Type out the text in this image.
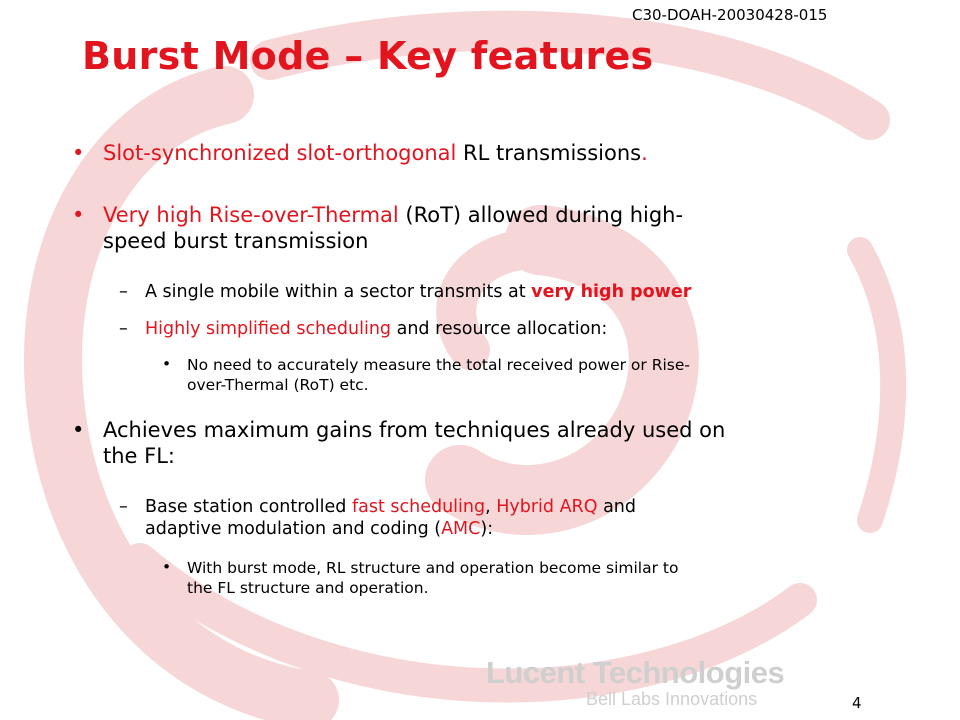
Lucent Technologies
Bell Labs Innovations
C30-DOAH-20030428-015
Burst Mode – Key features
• Slot-synchronized slot-orthogonal RL transmissions.
• Very high Rise-over-Thermal (RoT) allowed during high-
speed burst transmission
– A single mobile within a sector transmits at very high power
– Highly simplified scheduling and resource allocation:
• No need to accurately measure the total received power or Rise-
over-Thermal (RoT) etc.
• Achieves maximum gains from techniques already used on
the FL:
– Base station controlled fast scheduling, Hybrid ARQ and
adaptive modulation and coding (AMC):
• With burst mode, RL structure and operation become similar to
the FL structure and operation.
4
